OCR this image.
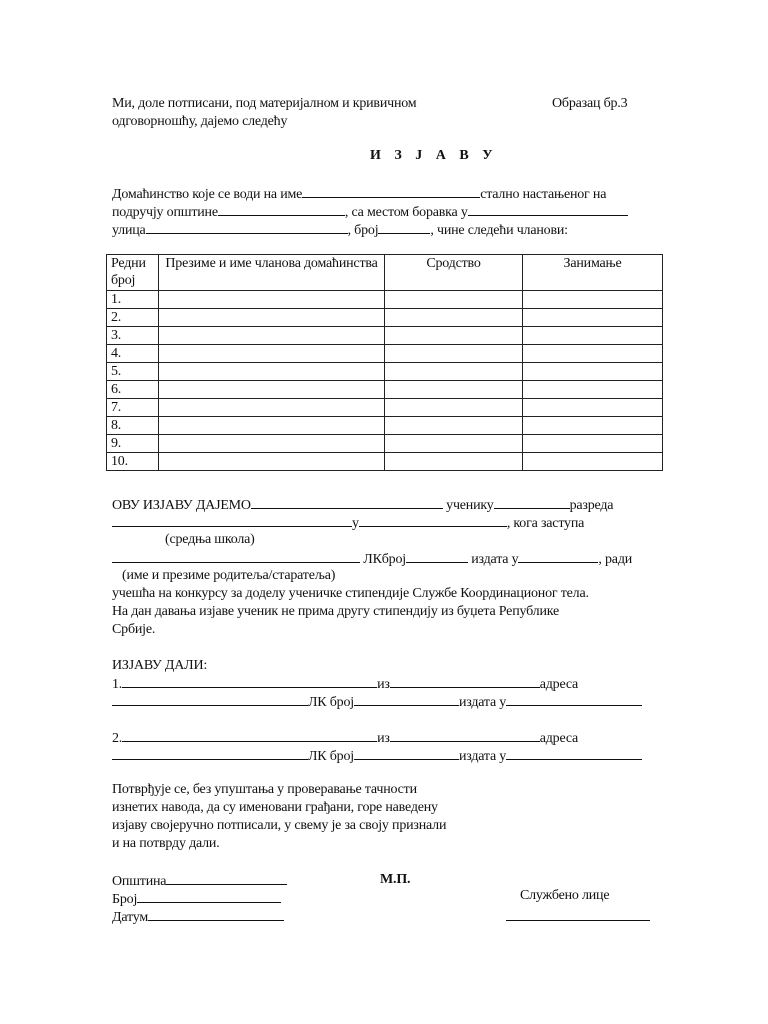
Ми, доле потписани, под материјалном и кривичном	Образац бр.3
одговорношћу, дајемо следећу
И З Ј А В У
Домаћинство које се води на име	стално настањеног на
подручју општине	, са местом боравка у
улица	, број	, чине следећи чланови:
Редни број	Презиме и име чланова домаћинства	Сродство	Занимање
1.			
2.			
3.			
4.			
5.			
6.			
7.			
8.			
9.			
10.			
ОВУ ИЗЈАВУ ДАЈЕМО	ученику	разреда
у	, кога заступа
(средња школа)
ЛКброј	издата у	, ради
(име и презиме родитеља/старатеља)
учешћа на конкурсу за доделу ученичке стипендије Службе Координационог тела.
На дан давања изјаве ученик не прима другу стипендију из буџета Републике
Србије.
ИЗЈАВУ ДАЛИ:
1.	из	адреса
ЛК број	издата у
2.	из	адреса
ЛК број	издата у
Потврђује се, без упуштања у проверавање тачности
изнетих навода, да су именовани грађани, горе наведену
изјаву својеручно потписали, у свему је за своју признали
и на потврду дали.
Општина	М.П.
Број	Службено лице
Датум
